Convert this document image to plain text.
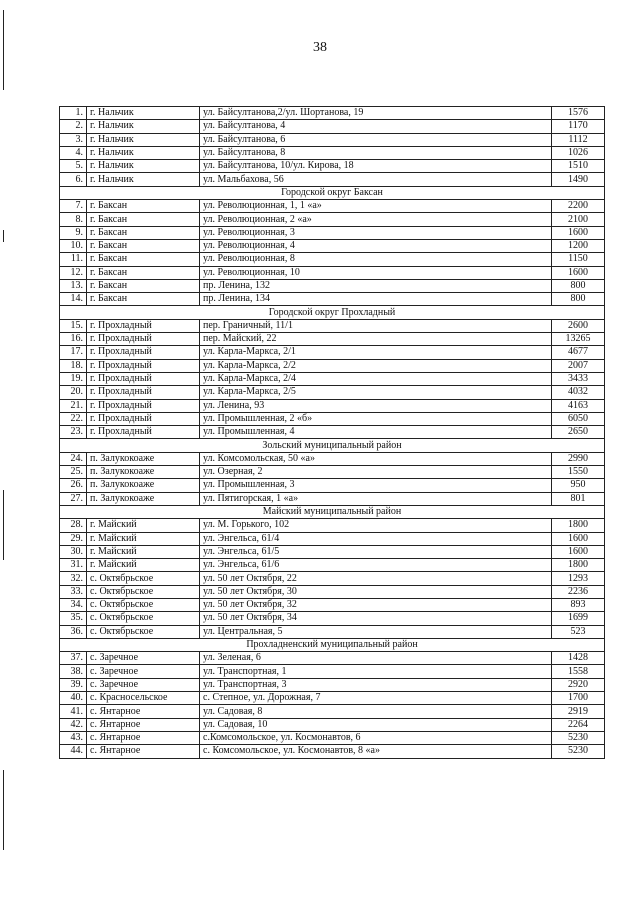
38
1.	г. Нальчик	ул. Байсултанова,2/ул. Шортанова, 19	1576
2.	г. Нальчик	ул. Байсултанова, 4	1170
3.	г. Нальчик	ул. Байсултанова, 6	1112
4.	г. Нальчик	ул. Байсултанова, 8	1026
5.	г. Нальчик	ул. Байсултанова, 10/ул. Кирова, 18	1510
6.	г. Нальчик	ул. Мальбахова, 56	1490
Городской округ Баксан			
7.	г. Баксан	ул. Революционная, 1, 1 «а»	2200
8.	г. Баксан	ул. Революционная, 2 «а»	2100
9.	г. Баксан	ул. Революционная, 3	1600
10.	г. Баксан	ул. Революционная, 4	1200
11.	г. Баксан	ул. Революционная, 8	1150
12.	г. Баксан	ул. Революционная, 10	1600
13.	г. Баксан	пр. Ленина, 132	800
14.	г. Баксан	пр. Ленина, 134	800
Городской округ Прохладный			
15.	г. Прохладный	пер. Граничный, 11/1	2600
16.	г. Прохладный	пер. Майский, 22	13265
17.	г. Прохладный	ул. Карла-Маркса, 2/1	4677
18.	г. Прохладный	ул. Карла-Маркса, 2/2	2007
19.	г. Прохладный	ул. Карла-Маркса, 2/4	3433
20.	г. Прохладный	ул. Карла-Маркса, 2/5	4032
21.	г. Прохладный	ул. Ленина, 93	4163
22.	г. Прохладный	ул. Промышленная, 2 «б»	6050
23.	г. Прохладный	ул. Промышленная, 4	2650
Зольский муниципальный район			
24.	п. Залукокоаже	ул. Комсомольская, 50 «а»	2990
25.	п. Залукокоаже	ул. Озерная, 2	1550
26.	п. Залукокоаже	ул. Промышленная, 3	950
27.	п. Залукокоаже	ул. Пятигорская, 1 «а»	801
Майский муниципальный район			
28.	г. Майский	ул. М. Горького, 102	1800
29.	г. Майский	ул. Энгельса, 61/4	1600
30.	г. Майский	ул. Энгельса, 61/5	1600
31.	г. Майский	ул. Энгельса, 61/6	1800
32.	с. Октябрьское	ул. 50 лет Октября, 22	1293
33.	с. Октябрьское	ул. 50 лет Октября, 30	2236
34.	с. Октябрьское	ул. 50 лет Октября, 32	893
35.	с. Октябрьское	ул. 50 лет Октября, 34	1699
36.	с. Октябрьское	ул. Центральная, 5	523
Прохладненский муниципальный район			
37.	с. Заречное	ул. Зеленая, 6	1428
38.	с. Заречное	ул. Транспортная, 1	1558
39.	с. Заречное	ул. Транспортная, 3	2920
40.	с. Красносельское	с. Степное, ул. Дорожная, 7	1700
41.	с. Янтарное	ул. Садовая, 8	2919
42.	с. Янтарное	ул. Садовая, 10	2264
43.	с. Янтарное	с.Комсомольское, ул. Космонавтов, 6	5230
44.	с. Янтарное	с. Комсомольское, ул. Космонавтов, 8 «а»	5230
